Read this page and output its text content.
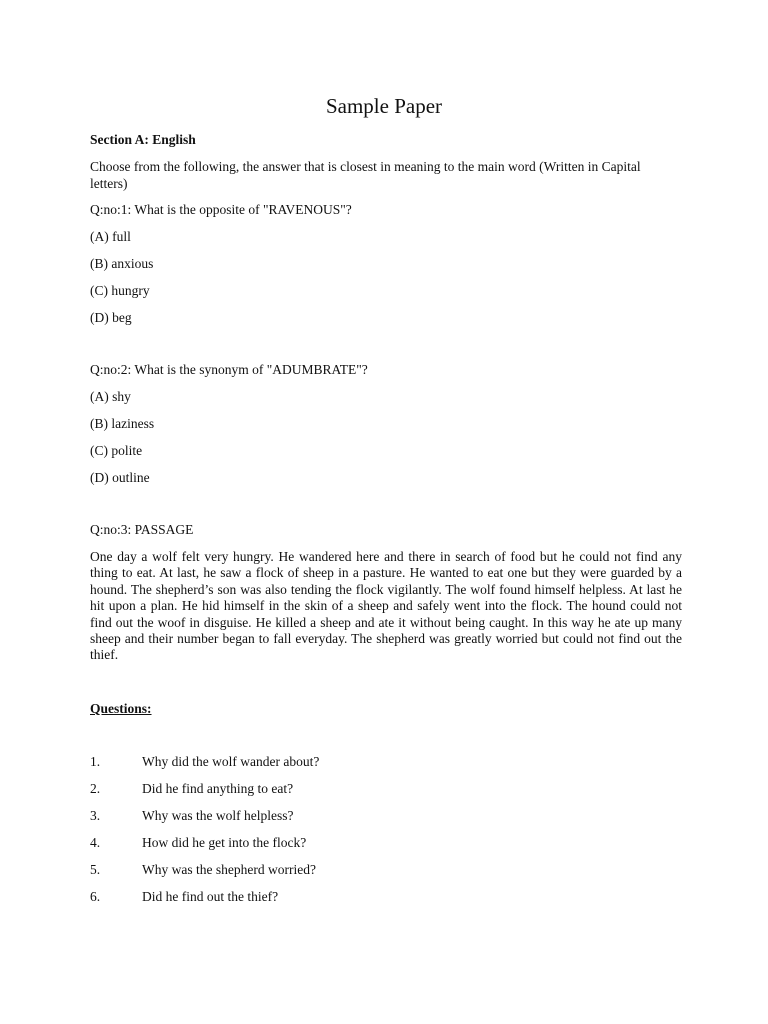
Sample Paper

Section A: English

Choose from the following, the answer that is closest in meaning to the main word (Written in Capital letters)

Q:no:1: What is the opposite of "RAVENOUS"?

(A) full

(B) anxious

(C) hungry

(D) beg

Q:no:2: What is the synonym of "ADUMBRATE"?

(A) shy

(B) laziness

(C) polite

(D) outline

Q:no:3: PASSAGE

One day a wolf felt very hungry. He wandered here and there in search of food but he could not find any thing to eat. At last, he saw a flock of sheep in a pasture. He wanted to eat one but they were guarded by a hound. The shepherd’s son was also tending the flock vigilantly. The wolf found himself helpless. At last he hit upon a plan. He hid himself in the skin of a sheep and safely went into the flock. The hound could not find out the woof in disguise. He killed a sheep and ate it without being caught. In this way he ate up many sheep and their number began to fall everyday. The shepherd was greatly worried but could not find out the thief.

Questions:

1.	Why did the wolf wander about?
2.	Did he find anything to eat?
3.	Why was the wolf helpless?
4.	How did he get into the flock?
5.	Why was the shepherd worried?
6.	Did he find out the thief?
